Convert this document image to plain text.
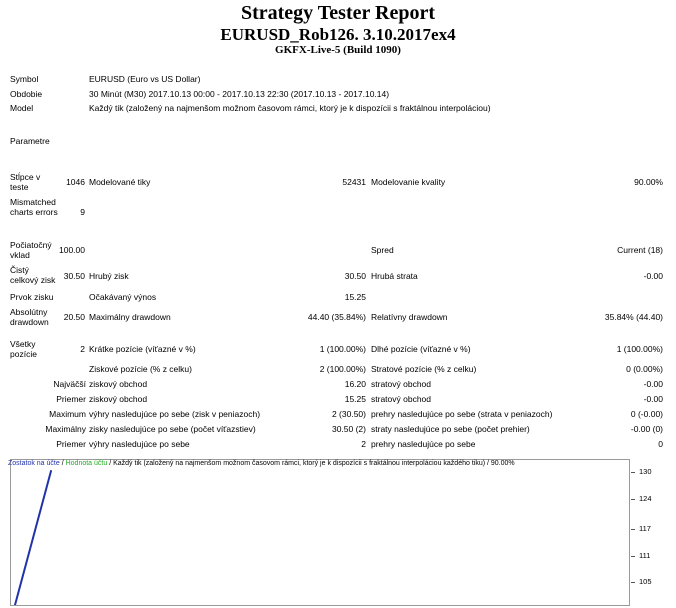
Strategy Tester Report
EURUSD_Rob126. 3.10.2017ex4
GKFX-Live-5 (Build 1090)
Symbol	EURUSD (Euro vs US Dollar)
Obdobie	30 Minút (M30) 2017.10.13 00:00 - 2017.10.13 22:30 (2017.10.13 - 2017.10.14)
Model	Každý tik (založený na najmenšom možnom časovom rámci, ktorý je k dispozícii s fraktálnou interpoláciou)
Parametre
Stĺpce v teste	1046 Modelované tiky	52431 Modelovanie kvality	90.00%
Mismatched charts errors	9
Počiatočný vklad	100.00	Spred	Current (18)
Čistý celkový zisk 30.50 Hrubý zisk	30.50 Hrubá strata	-0.00
Prvok zisku	Očakávaný výnos	15.25
Absolútny drawdown	20.50 Maximálny drawdown	44.40 (35.84%) Relatívny drawdown	35.84% (44.40)
Všetky pozície	2 Krátke pozície (víťazné v %)	1 (100.00%) Dlhé pozície (víťazné v %)	1 (100.00%)
Ziskové pozície (% z celku)	2 (100.00%) Stratové pozície (% z celku)	0 (0.00%)
Najväčší ziskový obchod	16.20 stratový obchod	-0.00
Priemer ziskový obchod	15.25 stratový obchod	-0.00
Maximum výhry nasledujúce po sebe (zisk v peniazoch)	2 (30.50) prehry nasledujúce po sebe (strata v peniazoch)	0 (-0.00)
Maximálny zisky nasledujúce po sebe (počet víťazstiev)	30.50 (2) straty nasledujúce po sebe (počet prehier)	-0.00 (0)
Priemer výhry nasledujúce po sebe	2 prehry nasledujúce po sebe	0
105
111
117
124
130
Zostatok na účte / Hodnota účtu / Každý tik (založený na najmenšom možnom časovom rámci, ktorý je k dispozícii s fraktálnou interpoláciou každého tiku) / 90.00%
